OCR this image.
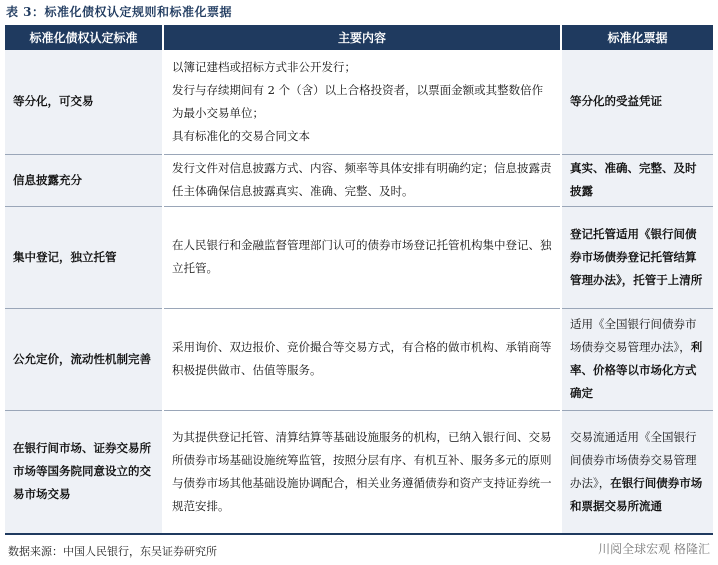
表 3：标准化债权认定规则和标准化票据
标准化债权认定标准	主要内容	标准化票据
等分化，可交易	以簿记建档或招标方式非公开发行；
发行与存续期间有 2 个（含）以上合格投资者，以票面金额或其整数倍作为最小交易单位；
具有标准化的交易合同文本	等分化的受益凭证
信息披露充分	发行文件对信息披露方式、内容、频率等具体安排有明确约定；信息披露责任主体确保信息披露真实、准确、完整、及时。	真实、准确、完整、及时披露
集中登记，独立托管	在人民银行和金融监督管理部门认可的债券市场登记托管机构集中登记、独立托管。	登记托管适用《银行间债券市场债券登记托管结算管理办法》，托管于上清所
公允定价，流动性机制完善	采用询价、双边报价、竞价撮合等交易方式，有合格的做市机构、承销商等积极提供做市、估值等服务。	适用《全国银行间债券市场债券交易管理办法》，利率、价格等以市场化方式确定
在银行间市场、证券交易所市场等国务院同意设立的交易市场交易	为其提供登记托管、清算结算等基础设施服务的机构，已纳入银行间、交易所债券市场基础设施统筹监管，按照分层有序、有机互补、服务多元的原则与债券市场其他基础设施协调配合，相关业务遵循债券和资产支持证券统一规范安排。	交易流通适用《全国银行间债券市场债券交易管理办法》，在银行间债券市场和票据交易所流通
数据来源：中国人民银行，东吴证券研究所	川阅全球宏观 格隆汇
